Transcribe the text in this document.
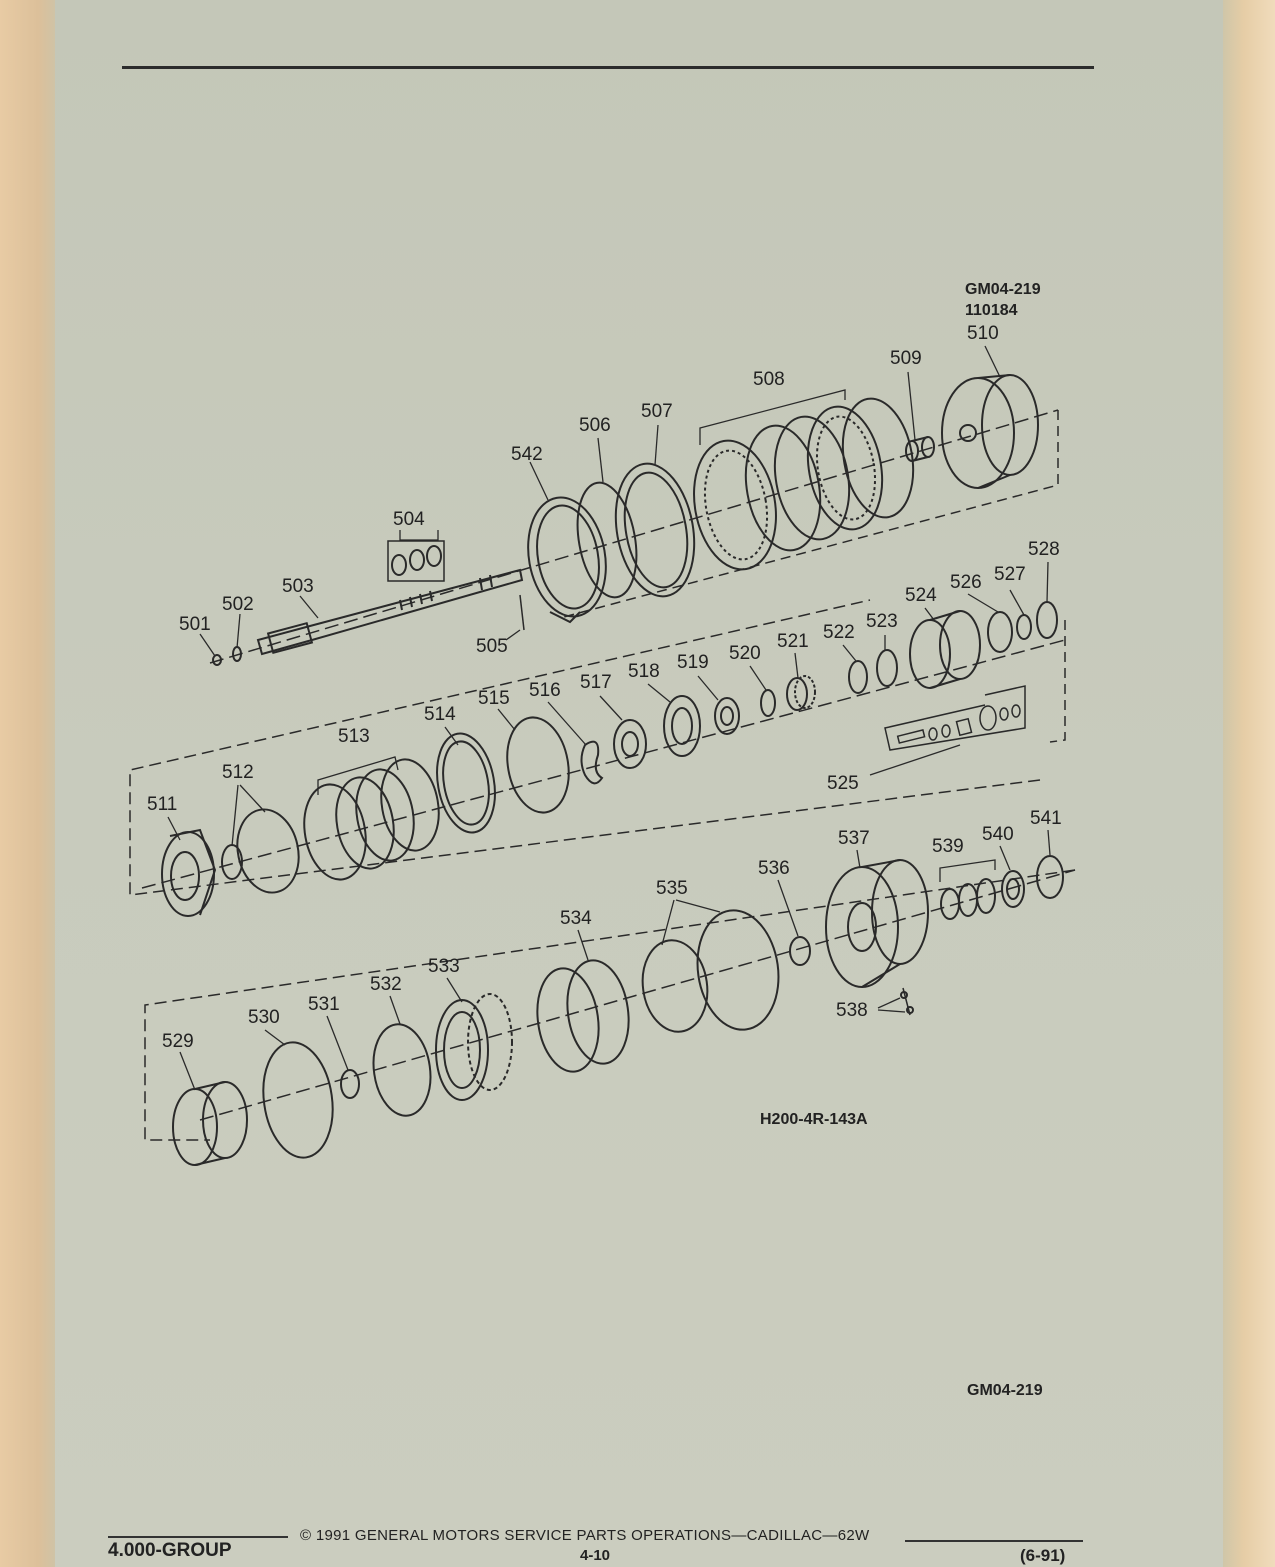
GM04-219
110184
501
502
503
504
505
506
507
508
509
510
511
512
513
514
515 516 517
518 519 520
521 522
523
524
525
526 527
528
529
530
531
532
533
534
535
536
537
538
539
540
541
542
H200-4R-143A
GM04-219
4.000-GROUP
© 1991 GENERAL MOTORS SERVICE PARTS OPERATIONS—CADILLAC—62W
4-10	(6-91)
